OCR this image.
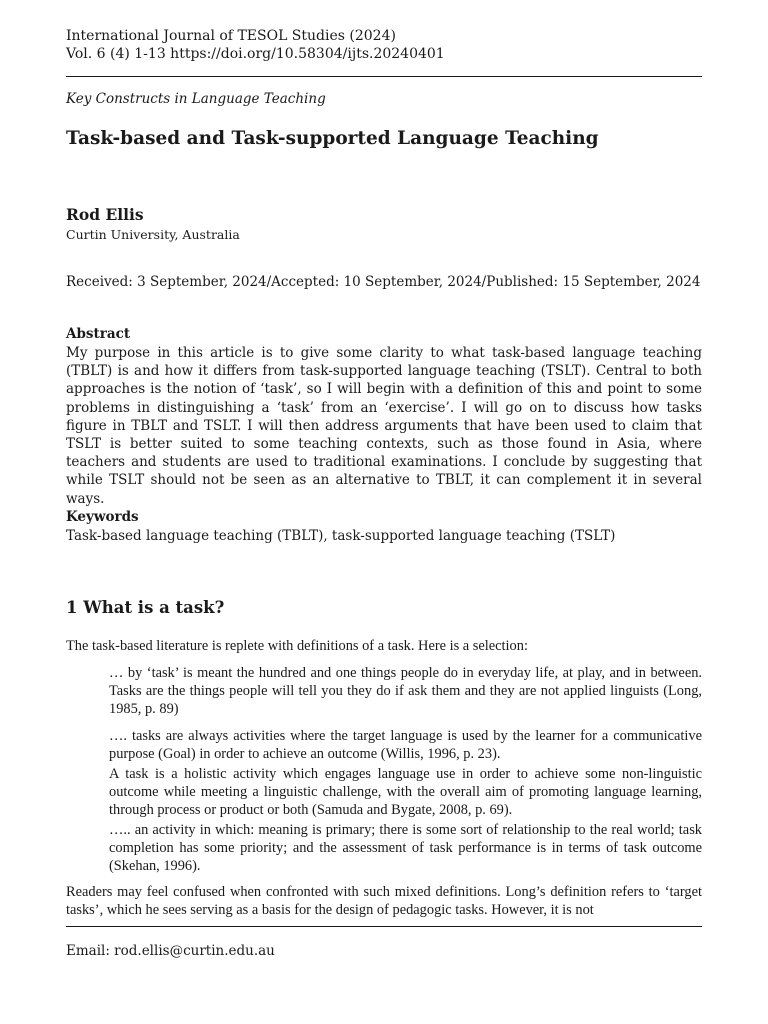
International Journal of TESOL Studies (2024)
Vol. 6 (4) 1-13 https://doi.org/10.58304/ijts.20240401
Key Constructs in Language Teaching
Task-based and Task-supported Language Teaching
Rod Ellis
Curtin University, Australia
Received: 3 September, 2024/Accepted: 10 September, 2024/Published: 15 September, 2024
Abstract

My purpose in this article is to give some clarity to what task-based language teaching (TBLT) is and how it differs from task-supported language teaching (TSLT). Central to both approaches is the notion of ‘task’, so I will begin with a definition of this and point to some problems in distinguishing a ‘task’ from an ‘exercise’. I will go on to discuss how tasks figure in TBLT and TSLT. I will then address arguments that have been used to claim that TSLT is better suited to some teaching contexts, such as those found in Asia, where teachers and students are used to traditional examinations. I conclude by suggesting that while TSLT should not be seen as an alternative to TBLT, it can complement it in several ways.

Keywords
Task-based language teaching (TBLT), task-supported language teaching (TSLT)
1 What is a task?

The task-based literature is replete with definitions of a task. Here is a selection:

… by ‘task’ is meant the hundred and one things people do in everyday life, at play, and in between. Tasks are the things people will tell you they do if ask them and they are not applied linguists (Long, 1985, p. 89)

…. tasks are always activities where the target language is used by the learner for a communicative purpose (Goal) in order to achieve an outcome (Willis, 1996, p. 23).

A task is a holistic activity which engages language use in order to achieve some non-linguistic outcome while meeting a linguistic challenge, with the overall aim of promoting language learning, through process or product or both (Samuda and Bygate, 2008, p. 69).

….. an activity in which: meaning is primary; there is some sort of relationship to the real world; task completion has some priority; and the assessment of task performance is in terms of task outcome (Skehan, 1996).

Readers may feel confused when confronted with such mixed definitions. Long’s definition refers to ‘target tasks’, which he sees serving as a basis for the design of pedagogic tasks. However, it is not

Email: rod.ellis@curtin.edu.au
